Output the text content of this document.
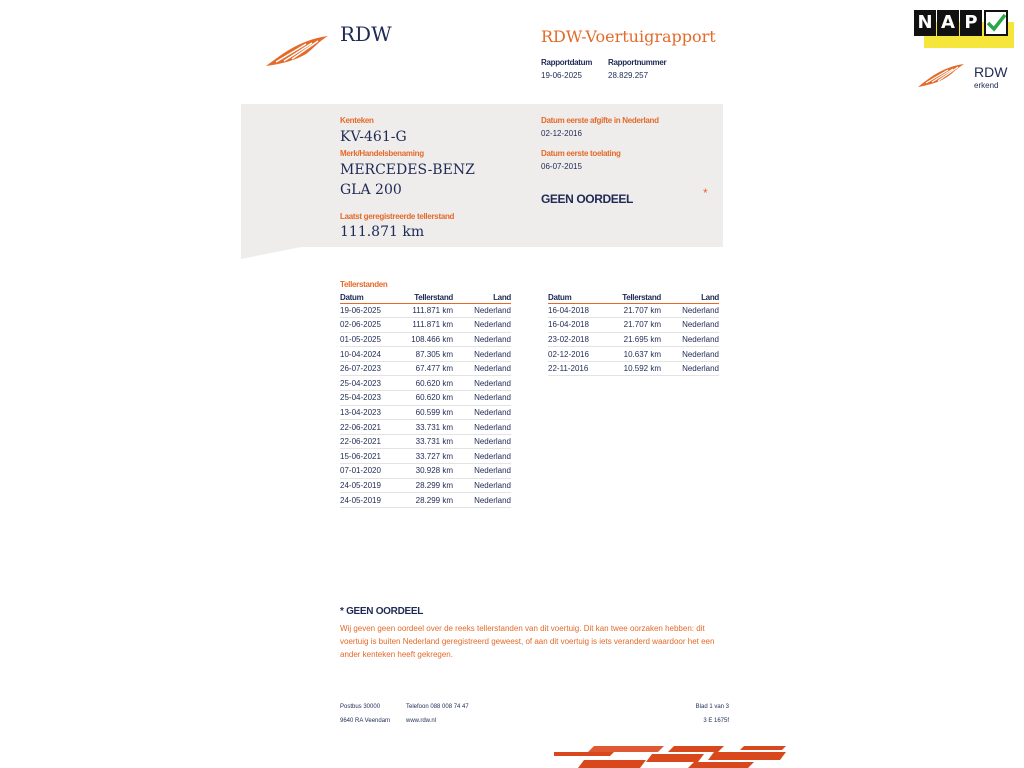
RDW	RDW-Voertuigrapport
Rapportdatum
19-06-2025
Rapportnummer
28.829.257
Kenteken
KV-461-G
Merk/Handelsbenaming
MERCEDES-BENZ
GLA 200
Laatst geregistreerde tellerstand
111.871 km
Datum eerste afgifte in Nederland
02-12-2016
Datum eerste toelating
06-07-2015
GEEN OORDEEL	*
Tellerstanden
Datum	Tellerstand	Land
19-06-2025	111.871 km	Nederland
02-06-2025	111.871 km	Nederland
01-05-2025	108.466 km	Nederland
10-04-2024	87.305 km	Nederland
26-07-2023	67.477 km	Nederland
25-04-2023	60.620 km	Nederland
25-04-2023	60.620 km	Nederland
13-04-2023	60.599 km	Nederland
22-06-2021	33.731 km	Nederland
22-06-2021	33.731 km	Nederland
15-06-2021	33.727 km	Nederland
07-01-2020	30.928 km	Nederland
24-05-2019	28.299 km	Nederland
24-05-2019	28.299 km	Nederland
Datum	Tellerstand	Land
16-04-2018	21.707 km	Nederland
16-04-2018	21.707 km	Nederland
23-02-2018	21.695 km	Nederland
02-12-2016	10.637 km	Nederland
22-11-2016	10.592 km	Nederland
* GEEN OORDEEL
Wij geven geen oordeel over de reeks tellerstanden van dit voertuig. Dit kan twee oorzaken hebben: dit voertuig is buiten Nederland geregistreerd geweest, of aan dit voertuig is iets veranderd waardoor het een ander kenteken heeft gekregen.
Postbus 30000
9640 RA Veendam
Telefoon 088 008 74 47
www.rdw.nl
Blad 1 van 3
3 E 1675f
N A P
RDW
erkend
